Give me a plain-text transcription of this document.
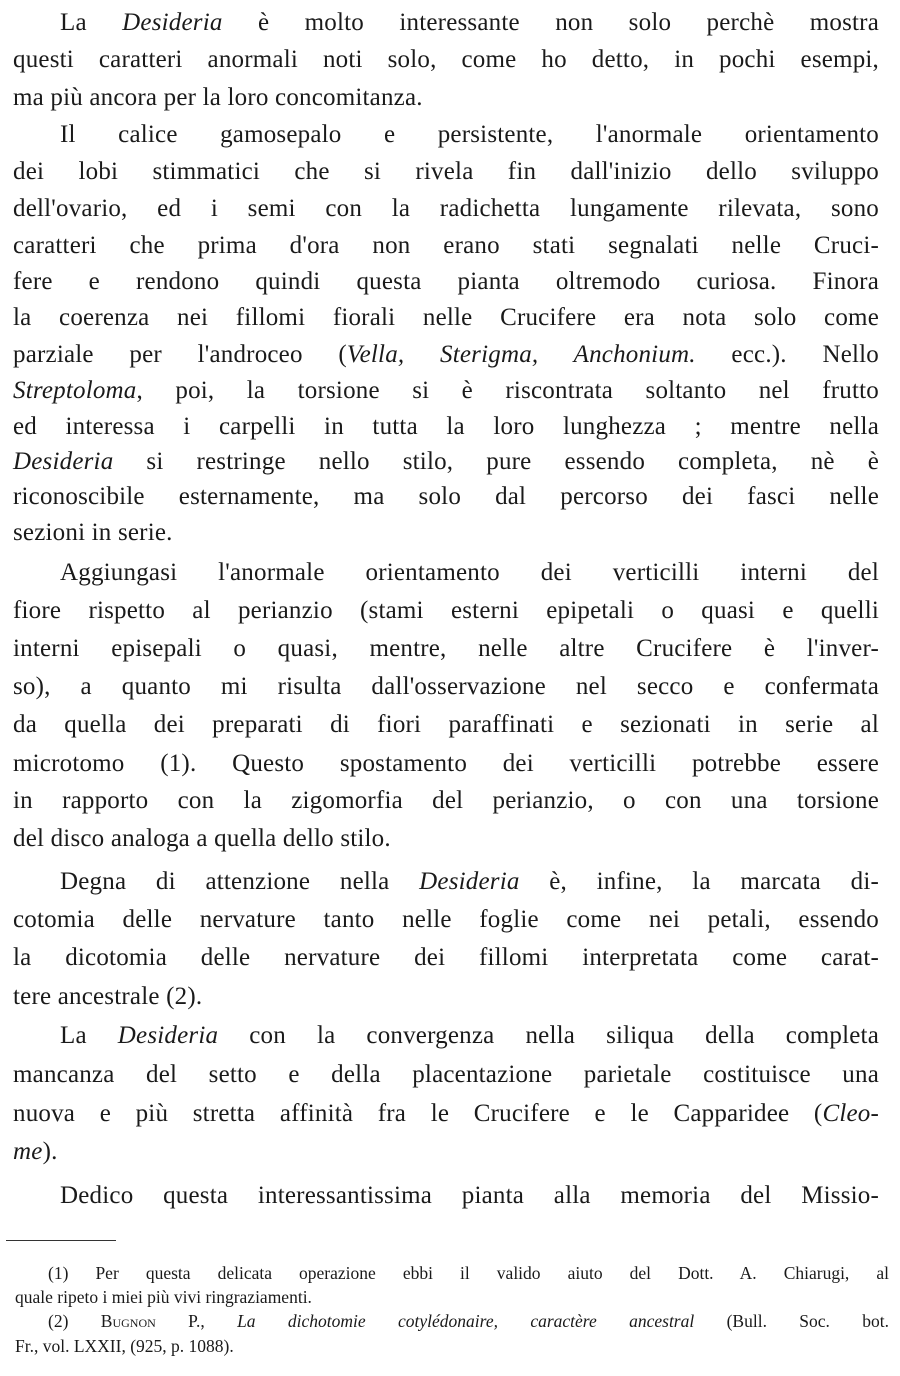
La Desideria è molto interessante non solo perchè mostra
questi caratteri anormali noti solo, come ho detto, in pochi esempi,
ma più ancora per la loro concomitanza.
Il calice gamosepalo e persistente, l'anormale orientamento
dei lobi stimmatici che si rivela fin dall'inizio dello sviluppo
dell'ovario, ed i semi con la radichetta lungamente rilevata, sono
caratteri che prima d'ora non erano stati segnalati nelle Cruci-
fere e rendono quindi questa pianta oltremodo curiosa. Finora
la coerenza nei fillomi fiorali nelle Crucifere era nota solo come
parziale per l'androceo (Vella, Sterigma, Anchonium. ecc.). Nello
Streptoloma, poi, la torsione si è riscontrata soltanto nel frutto
ed interessa i carpelli in tutta la loro lunghezza ; mentre nella
Desideria si restringe nello stilo, pure essendo completa, nè è
riconoscibile esternamente, ma solo dal percorso dei fasci nelle
sezioni in serie.
Aggiungasi l'anormale orientamento dei verticilli interni del
fiore rispetto al perianzio (stami esterni epipetali o quasi e quelli
interni episepali o quasi, mentre, nelle altre Crucifere è l'inver-
so), a quanto mi risulta dall'osservazione nel secco e confermata
da quella dei preparati di fiori paraffinati e sezionati in serie al
microtomo (1). Questo spostamento dei verticilli potrebbe essere
in rapporto con la zigomorfia del perianzio, o con una torsione
del disco analoga a quella dello stilo.
Degna di attenzione nella Desideria è, infine, la marcata di-
cotomia delle nervature tanto nelle foglie come nei petali, essendo
la dicotomia delle nervature dei fillomi interpretata come carat-
tere ancestrale (2).
La Desideria con la convergenza nella siliqua della completa
mancanza del setto e della placentazione parietale costituisce una
nuova e più stretta affinità fra le Crucifere e le Capparidee (Cleo-
me).
Dedico questa interessantissima pianta alla memoria del Missio-
(1) Per questa delicata operazione ebbi il valido aiuto del Dott. A. Chiarugi, al
quale ripeto i miei più vivi ringraziamenti.
(2) Bugnon P., La dichotomie cotylédonaire, caractère ancestral (Bull. Soc. bot.
Fr., vol. LXXII, (925, p. 1088).
